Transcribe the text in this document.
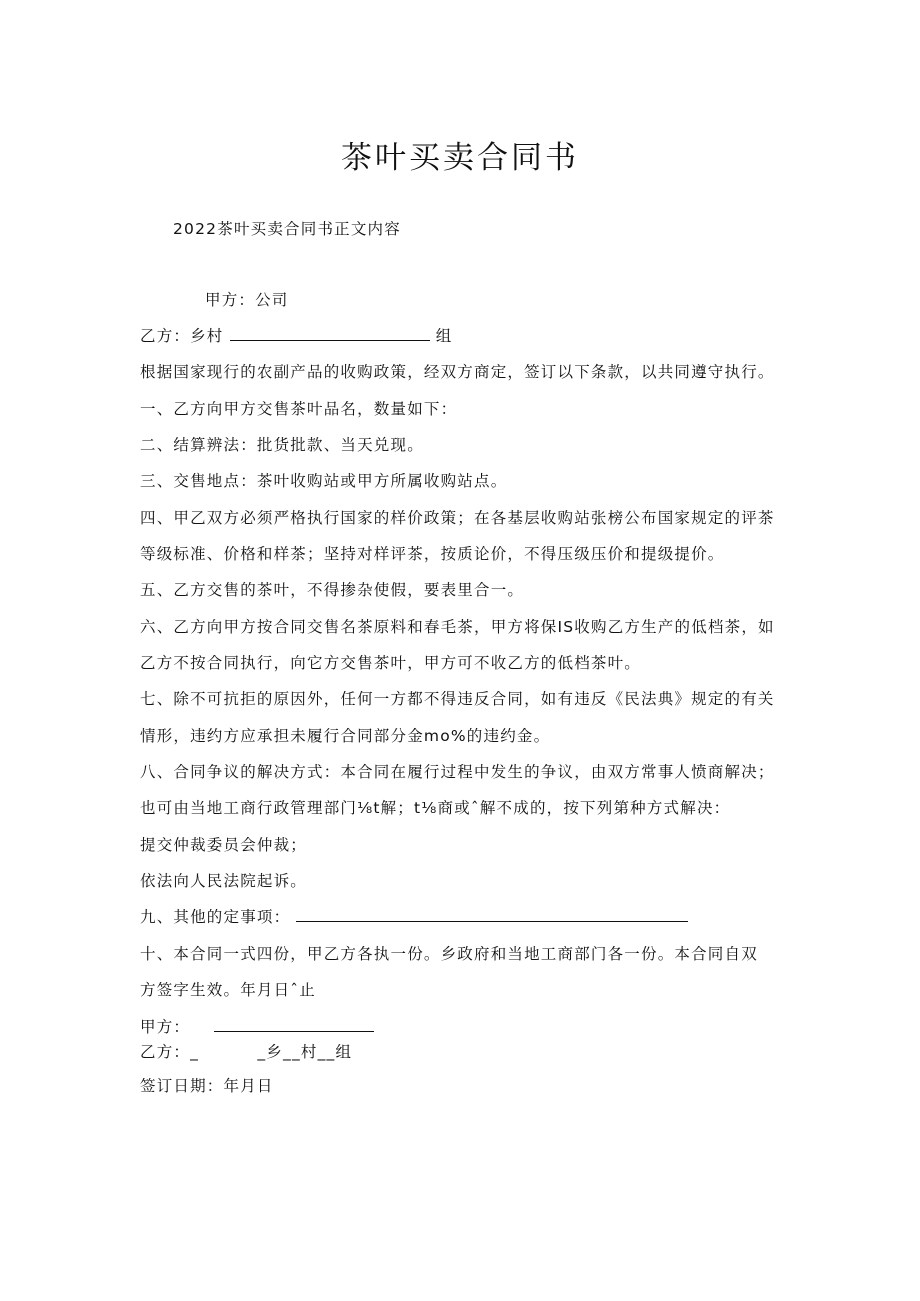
茶叶买卖合同书
2022茶叶买卖合同书正文内容
甲方：公司
乙方：乡村	组
根据国家现行的农副产品的收购政策，经双方商定，签订以下条款，以共同遵守执行。
一、乙方向甲方交售茶叶品名，数量如下：
二、结算辨法：批货批款、当天兑现。
三、交售地点：茶叶收购站或甲方所属收购站点。
四、甲乙双方必须严格执行国家的样价政策；在各基层收购站张榜公布国家规定的评茶
等级标准、价格和样茶；坚持对样评茶，按质论价，不得压级压价和提级提价。
五、乙方交售的茶叶，不得掺杂使假，要表里合一。
六、乙方向甲方按合同交售名茶原料和春毛茶，甲方将保IS收购乙方生产的低档茶，如
乙方不按合同执行，向它方交售茶叶，甲方可不收乙方的低档茶叶。
七、除不可抗拒的原因外，任何一方都不得违反合同，如有违反《民法典》规定的有关
情形，违约方应承担未履行合同部分金mo%的违约金。
八、合同争议的解决方式：本合同在履行过程中发生的争议，由双方常事人愤商解决；
也可由当地工商行政管理部门⅛t解；t⅛商或ˆ解不成的，按下列第种方式解决：
提交仲裁委员会仲裁；
依法向人民法院起诉。
九、其他的定事项：
十、本合同一式四份，甲乙方各执一份。乡政府和当地工商部门各一份。本合同自双
方签字生效。年月日ˆ止
甲方：
乙方：_	_乡__村__组
签订日期：年月日
